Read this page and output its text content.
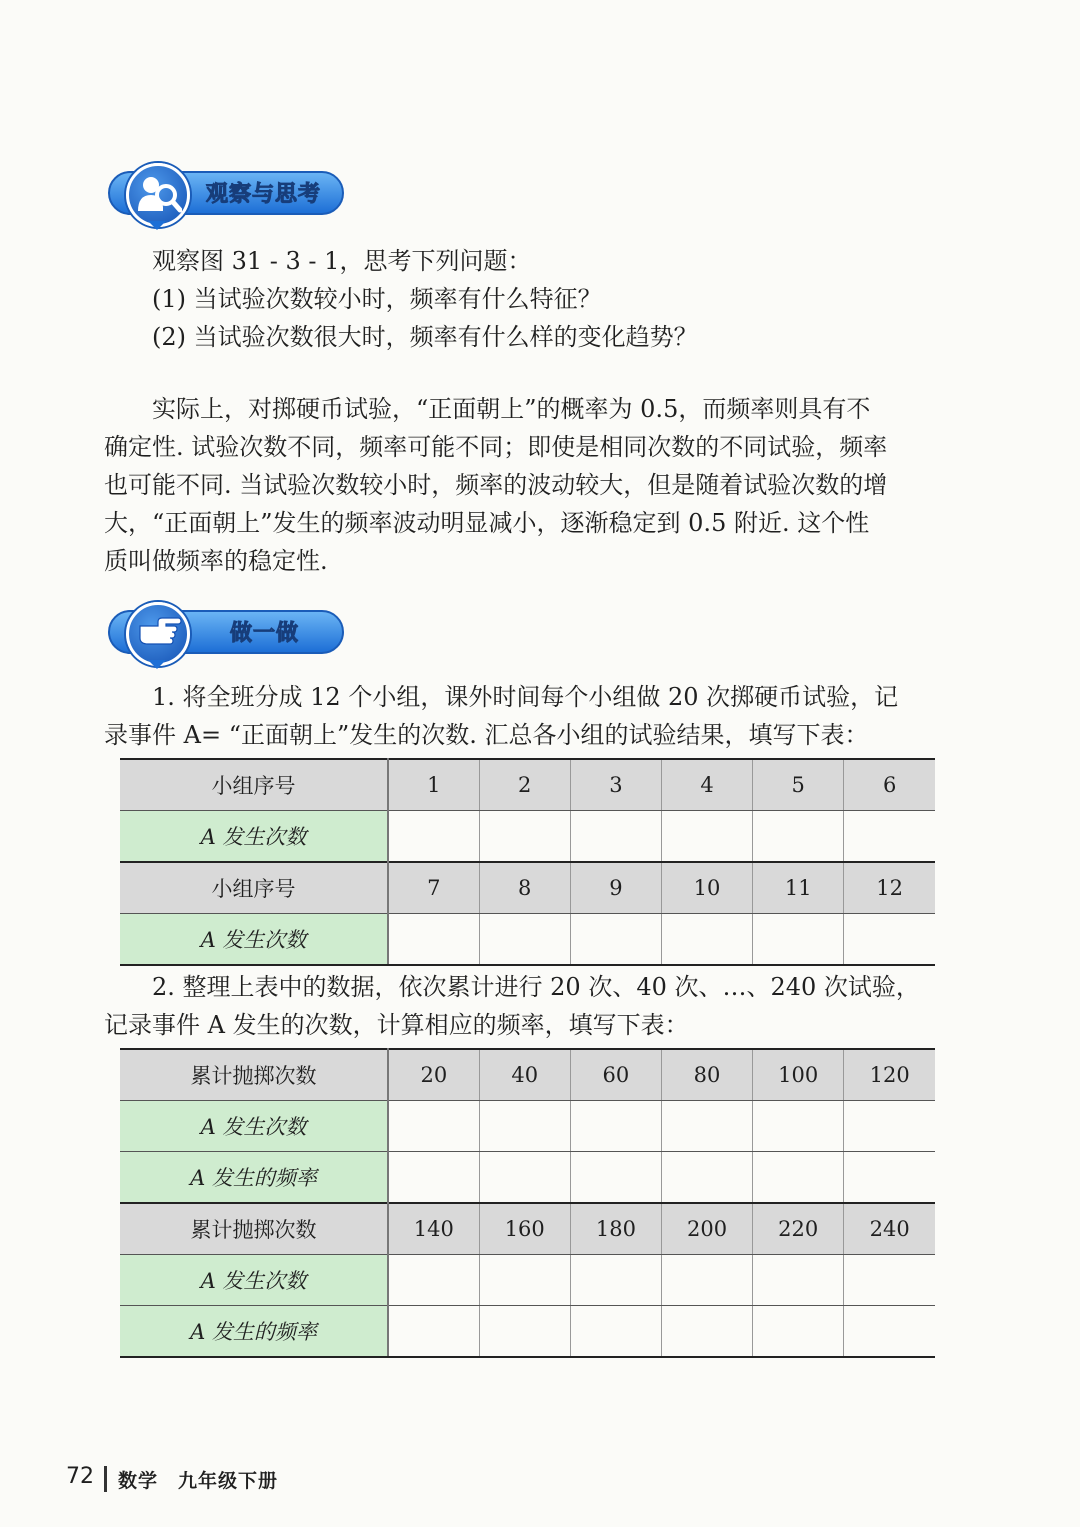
观察与思考
观察图 31 - 3 - 1，思考下列问题：
(1) 当试验次数较小时，频率有什么特征？
(2) 当试验次数很大时，频率有什么样的变化趋势？
实际上，对掷硬币试验，“正面朝上”的概率为 0.5，而频率则具有不
确定性. 试验次数不同，频率可能不同；即使是相同次数的不同试验，频率
也可能不同. 当试验次数较小时，频率的波动较大，但是随着试验次数的增
大，“正面朝上”发生的频率波动明显减小，逐渐稳定到 0.5 附近. 这个性
质叫做频率的稳定性.
做一做
1. 将全班分成 12 个小组，课外时间每个小组做 20 次掷硬币试验，记
录事件 A= “正面朝上”发生的次数. 汇总各小组的试验结果，填写下表：
小组序号	1	2	3	4	5	6
A 发生次数						
小组序号	7	8	9	10	11	12
A 发生次数						
2. 整理上表中的数据，依次累计进行 20 次、40 次、…、240 次试验，
记录事件 A 发生的次数，计算相应的频率，填写下表：
累计抛掷次数	20	40	60	80	100	120
A 发生次数						
A 发生的频率						
累计抛掷次数	140	160	180	200	220	240
A 发生次数						
A 发生的频率						
72 数学　九年级下册
